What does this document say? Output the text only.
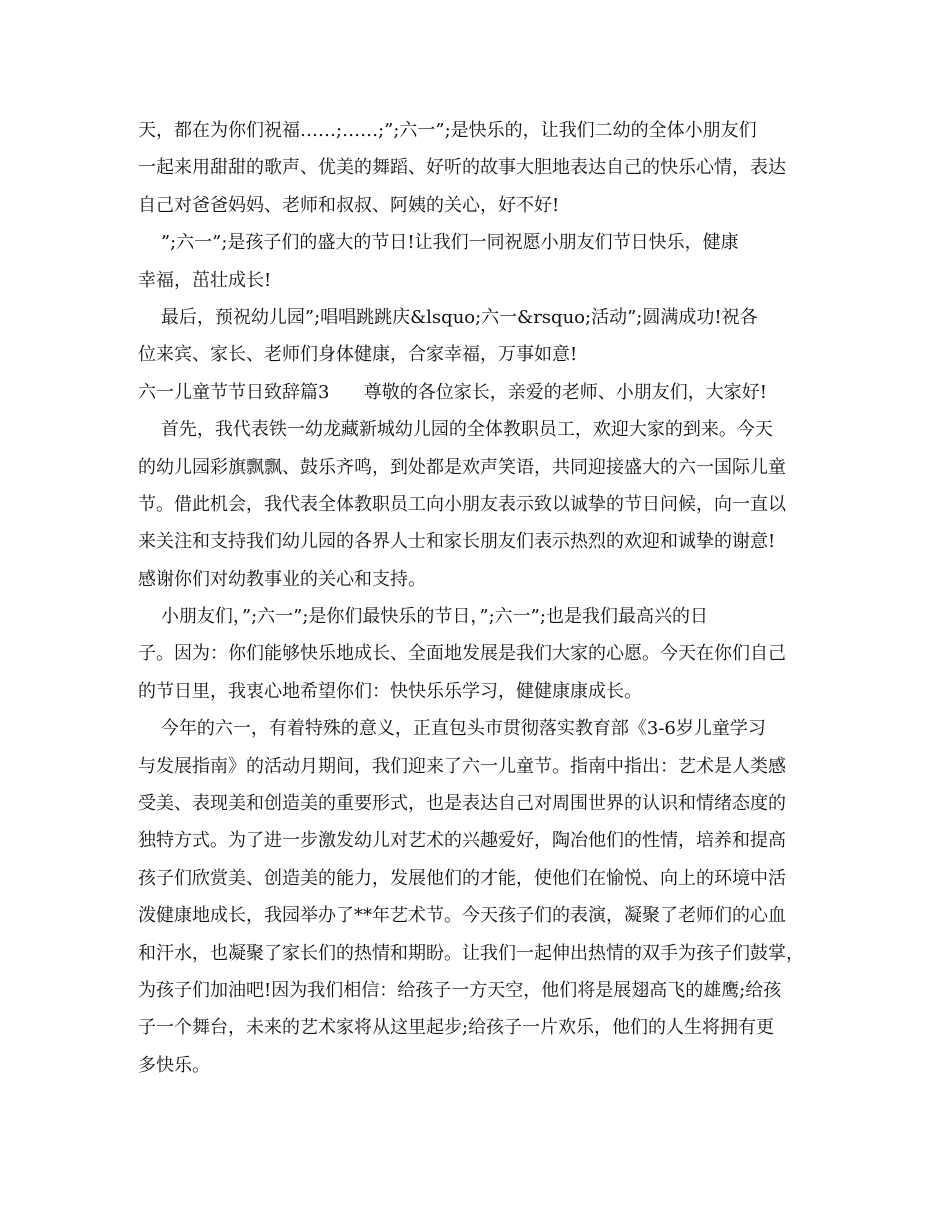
天，都在为你们祝福……;……;”;六一”;是快乐的，让我们二幼的全体小朋友们
一起来用甜甜的歌声、优美的舞蹈、好听的故事大胆地表达自己的快乐心情，表达
自己对爸爸妈妈、老师和叔叔、阿姨的关心，好不好!
”;六一”;是孩子们的盛大的节日!让我们一同祝愿小朋友们节日快乐，健康
幸福，茁壮成长!
最后，预祝幼儿园”;唱唱跳跳庆&lsquo;六一&rsquo;活动”;圆满成功!祝各
位来宾、家长、老师们身体健康，合家幸福，万事如意!
六一儿童节节日致辞篇3      尊敬的各位家长，亲爱的老师、小朋友们，大家好!
首先，我代表铁一幼龙藏新城幼儿园的全体教职员工，欢迎大家的到来。今天
的幼儿园彩旗飘飘、鼓乐齐鸣，到处都是欢声笑语，共同迎接盛大的六一国际儿童
节。借此机会，我代表全体教职员工向小朋友表示致以诚挚的节日问候，向一直以
来关注和支持我们幼儿园的各界人士和家长朋友们表示热烈的欢迎和诚挚的谢意!
感谢你们对幼教事业的关心和支持。
小朋友们，”;六一”;是你们最快乐的节日，”;六一”;也是我们最高兴的日
子。因为：你们能够快乐地成长、全面地发展是我们大家的心愿。今天在你们自己
的节日里，我衷心地希望你们：快快乐乐学习，健健康康成长。
今年的六一，有着特殊的意义，正直包头市贯彻落实教育部《3-6岁儿童学习
与发展指南》的活动月期间，我们迎来了六一儿童节。指南中指出：艺术是人类感
受美、表现美和创造美的重要形式，也是表达自己对周围世界的认识和情绪态度的
独特方式。为了进一步激发幼儿对艺术的兴趣爱好，陶冶他们的性情，培养和提高
孩子们欣赏美、创造美的能力，发展他们的才能，使他们在愉悦、向上的环境中活
泼健康地成长，我园举办了**年艺术节。今天孩子们的表演，凝聚了老师们的心血
和汗水，也凝聚了家长们的热情和期盼。让我们一起伸出热情的双手为孩子们鼓掌，
为孩子们加油吧!因为我们相信：给孩子一方天空，他们将是展翅高飞的雄鹰;给孩
子一个舞台，未来的艺术家将从这里起步;给孩子一片欢乐，他们的人生将拥有更
多快乐。
